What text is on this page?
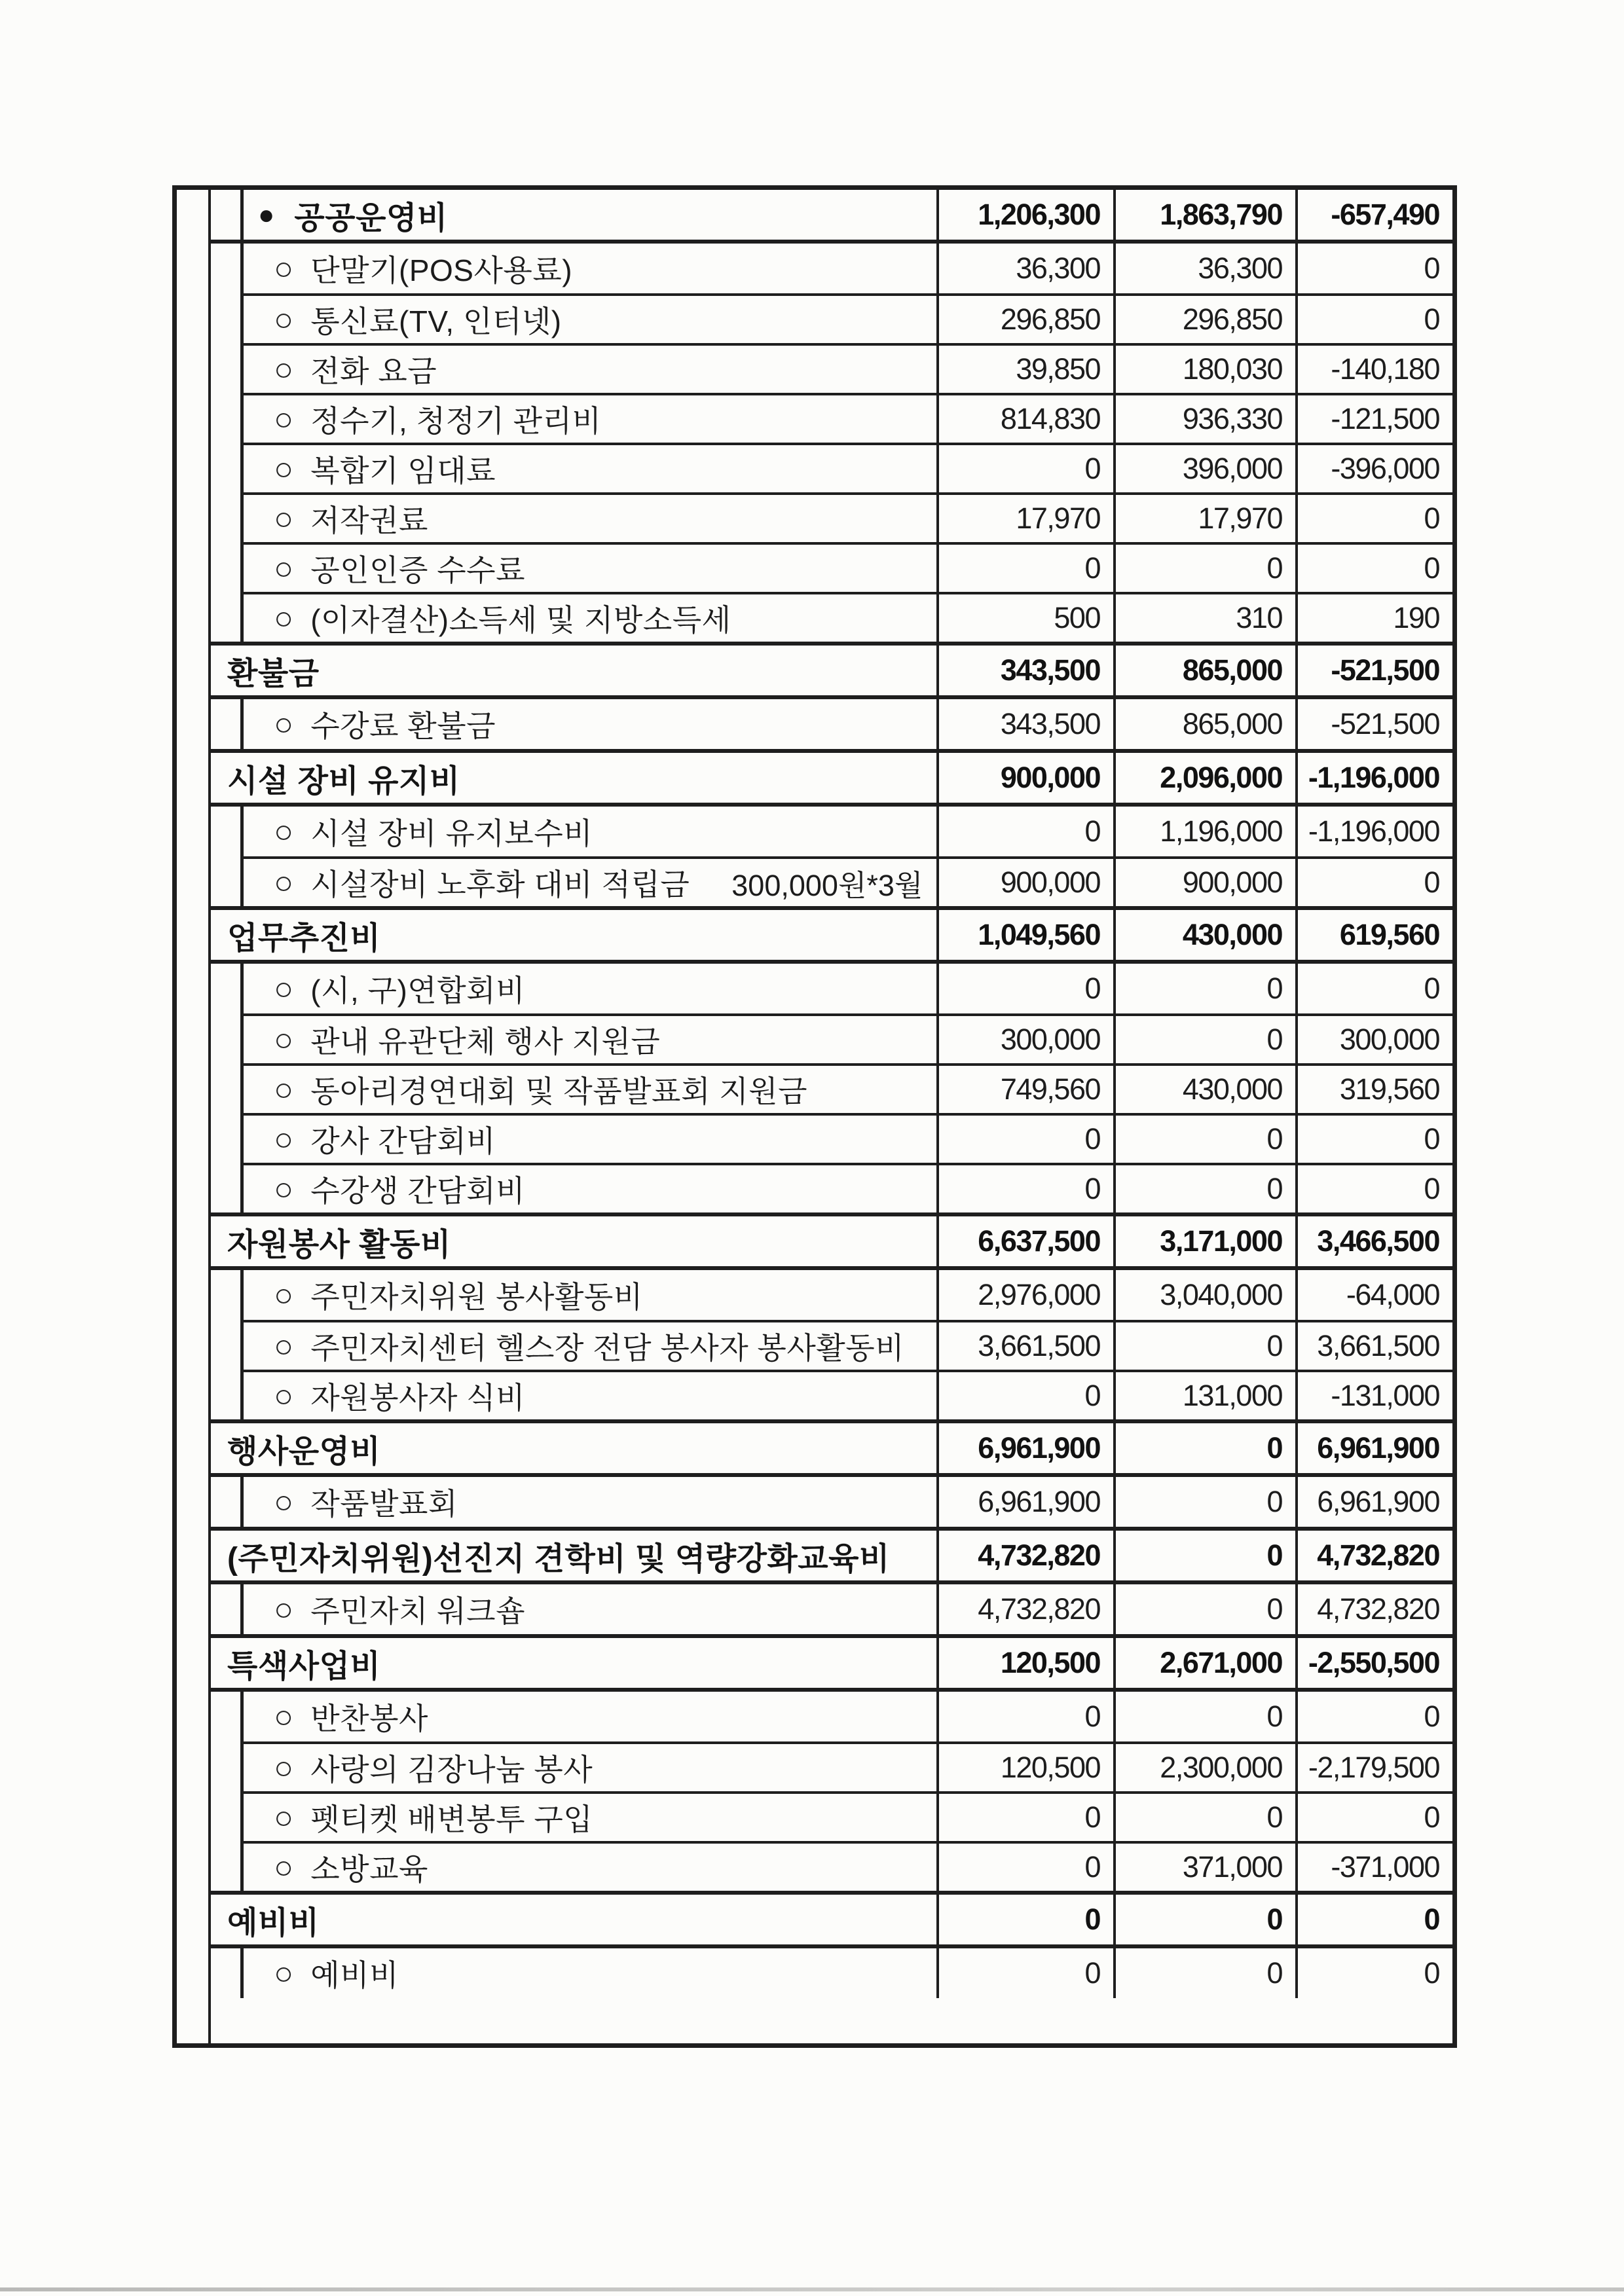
● 공공운영비	1,206,300	1,863,790	-657,490
○ 단말기(POS사용료)	36,300	36,300	0
○ 통신료(TV, 인터넷)	296,850	296,850	0
○ 전화 요금	39,850	180,030	-140,180
○ 정수기, 청정기 관리비	814,830	936,330	-121,500
○ 복합기 임대료	0	396,000	-396,000
○ 저작권료	17,970	17,970	0
○ 공인인증 수수료	0	0	0
○ (이자결산)소득세 및 지방소득세	500	310	190
환불금	343,500	865,000	-521,500
○ 수강료 환불금	343,500	865,000	-521,500
시설 장비 유지비	900,000	2,096,000 -1,196,000
○ 시설 장비 유지보수비	0	1,196,000 -1,196,000
○ 시설장비 노후화 대비 적립금 300,000원*3월	900,000	900,000	0
업무추진비	1,049,560	430,000	619,560
○ (시, 구)연합회비	0	0	0
○ 관내 유관단체 행사 지원금	300,000	0	300,000
○ 동아리경연대회 및 작품발표회 지원금	749,560	430,000	319,560
○ 강사 간담회비	0	0	0
○ 수강생 간담회비	0	0	0
자원봉사 활동비	6,637,500	3,171,000	3,466,500
○ 주민자치위원 봉사활동비	2,976,000	3,040,000	-64,000
○ 주민자치센터 헬스장 전담 봉사자 봉사활동비	3,661,500	0	3,661,500
○ 자원봉사자 식비	0	131,000	-131,000
행사운영비	6,961,900	0	6,961,900
○ 작품발표회	6,961,900	0	6,961,900
(주민자치위원)선진지 견학비 및 역량강화교육비	4,732,820	0	4,732,820
○ 주민자치 워크숍	4,732,820	0	4,732,820
특색사업비	120,500	2,671,000 -2,550,500
○ 반찬봉사	0	0	0
○ 사랑의 김장나눔 봉사	120,500	2,300,000 -2,179,500
○ 펫티켓 배변봉투 구입	0	0	0
○ 소방교육	0	371,000	-371,000
예비비	0	0	0
○ 예비비	0	0	0
